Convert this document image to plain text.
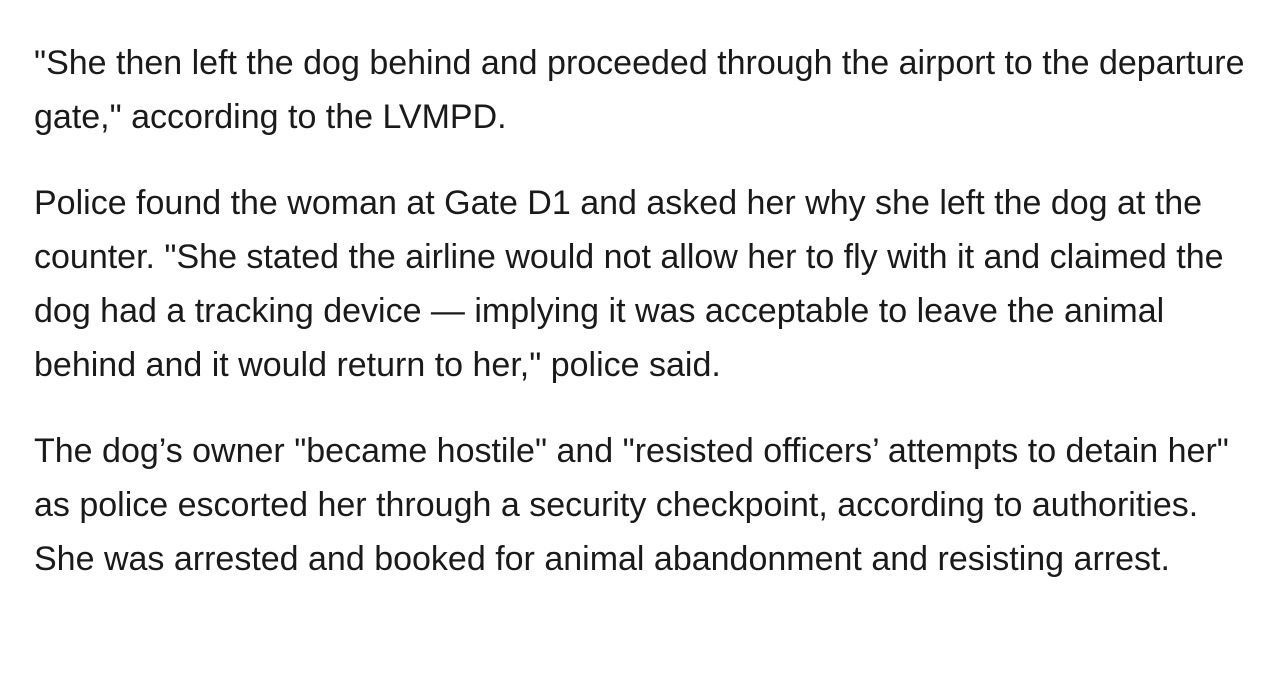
"She then left the dog behind and proceeded through the airport to the departure gate," according to the LVMPD.

Police found the woman at Gate D1 and asked her why she left the dog at the counter. "She stated the airline would not allow her to fly with it and claimed the dog had a tracking device — implying it was acceptable to leave the animal behind and it would return to her," police said.

The dog’s owner "became hostile" and "resisted officers’ attempts to detain her" as police escorted her through a security checkpoint, according to authorities. She was arrested and booked for animal abandonment and resisting arrest.
